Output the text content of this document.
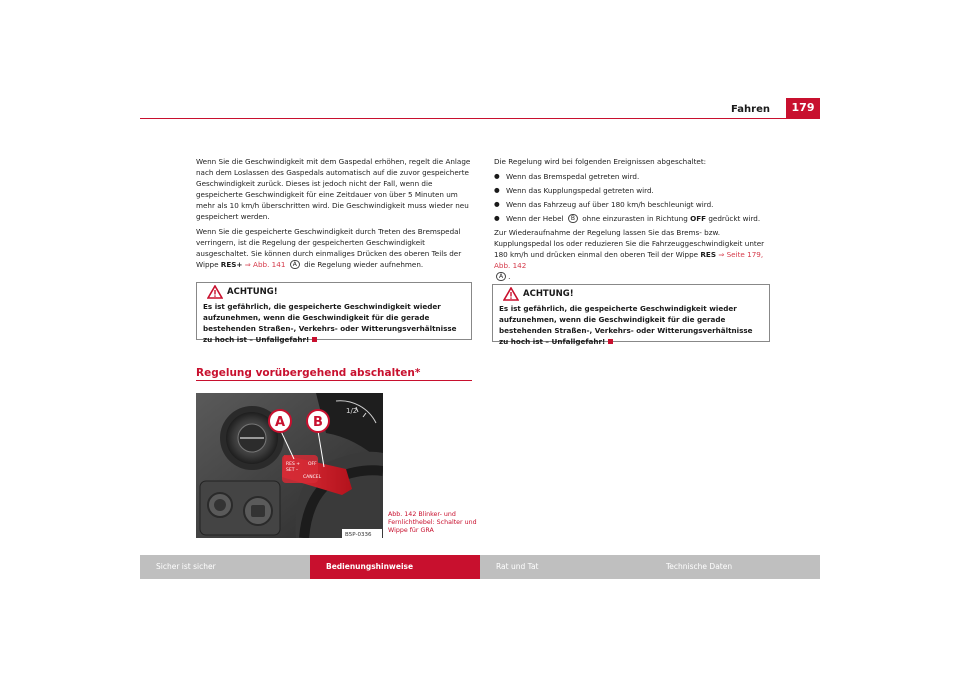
Fahren	179

Wenn Sie die Geschwindigkeit mit dem Gaspedal erhöhen, regelt die Anlage nach dem Loslassen des Gaspedals automatisch auf die zuvor gespeicherte Geschwindigkeit zurück. Dieses ist jedoch nicht der Fall, wenn die gespeicherte Geschwindigkeit für eine Zeitdauer von über 5 Minuten um mehr als 10 km/h überschritten wird. Die Geschwindigkeit muss wieder neu gespeichert werden.

Wenn Sie die gespeicherte Geschwindigkeit durch Treten des Bremspedal verringern, ist die Regelung der gespeicherten Geschwindigkeit ausgeschaltet. Sie können durch einmaliges Drücken des oberen Teils der Wippe RES+ ⇒ Abb. 141 A die Regelung wieder aufnehmen.

ACHTUNG!
Es ist gefährlich, die gespeicherte Geschwindigkeit wieder aufzunehmen, wenn die Geschwindigkeit für die gerade bestehenden Straßen-, Verkehrs- oder Witterungsverhältnisse zu hoch ist – Unfallgefahr!
Regelung vorübergehend abschalten*
1/2
RES +
SET –
OFF
CANCEL
A B
B5P-0336
Abb. 142 Blinker- und Fernlichthebel: Schalter und Wippe für GRA

Die Regelung wird bei folgenden Ereignissen abgeschaltet:

● Wenn das Bremspedal getreten wird.
● Wenn das Kupplungspedal getreten wird.
● Wenn das Fahrzeug auf über 180 km/h beschleunigt wird.
● Wenn der Hebel B ohne einzurasten in Richtung OFF gedrückt wird.

Zur Wiederaufnahme der Regelung lassen Sie das Brems- bzw. Kupplungspedal los oder reduzieren Sie die Fahrzeuggeschwindigkeit unter 180 km/h und drücken einmal den oberen Teil der Wippe RES ⇒ Seite 179, Abb. 142
A .

ACHTUNG!
Es ist gefährlich, die gespeicherte Geschwindigkeit wieder aufzunehmen, wenn die Geschwindigkeit für die gerade bestehenden Straßen-, Verkehrs- oder Witterungsverhältnisse zu hoch ist – Unfallgefahr!
Sicher ist sicher	Bedienungshinweise	Rat und Tat	Technische Daten
